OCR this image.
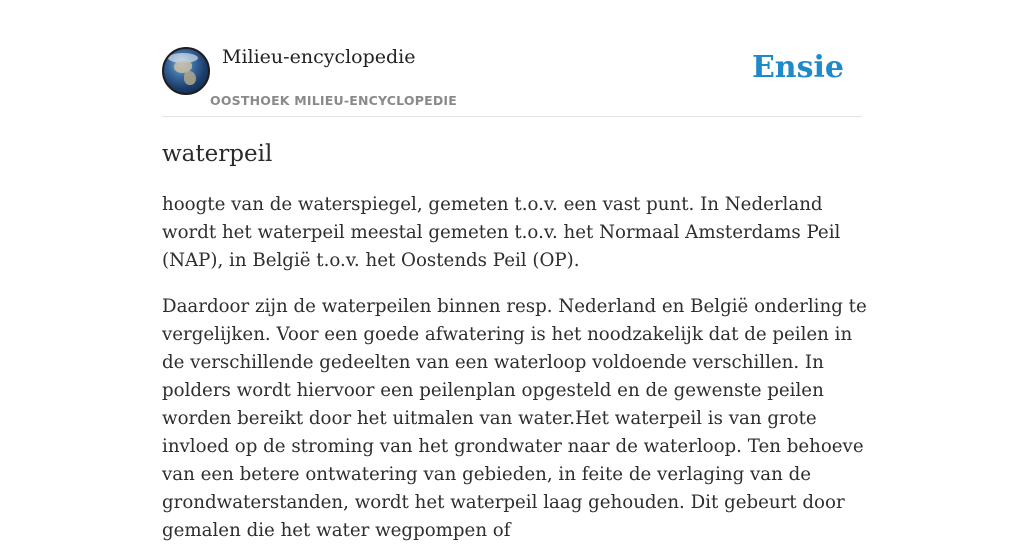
Milieu-encyclopedie
OOSTHOEK MILIEU-ENCYCLOPEDIE
Ensie
waterpeil

hoogte van de waterspiegel, gemeten t.o.v. een vast punt. In Nederland wordt het waterpeil meestal gemeten t.o.v. het Normaal Amsterdams Peil (NAP), in België t.o.v. het Oostends Peil (OP).

Daardoor zijn de waterpeilen binnen resp. Nederland en België onderling te vergelijken. Voor een goede afwatering is het noodzakelijk dat de peilen in de verschillende gedeelten van een waterloop voldoende verschillen. In polders wordt hiervoor een peilenplan opgesteld en de gewenste peilen worden bereikt door het uitmalen van water.Het waterpeil is van grote invloed op de stroming van het grondwater naar de waterloop. Ten behoeve van een betere ontwatering van gebieden, in feite de verlaging van de grondwaterstanden, wordt het waterpeil laag gehouden. Dit gebeurt door gemalen die het water wegpompen of
